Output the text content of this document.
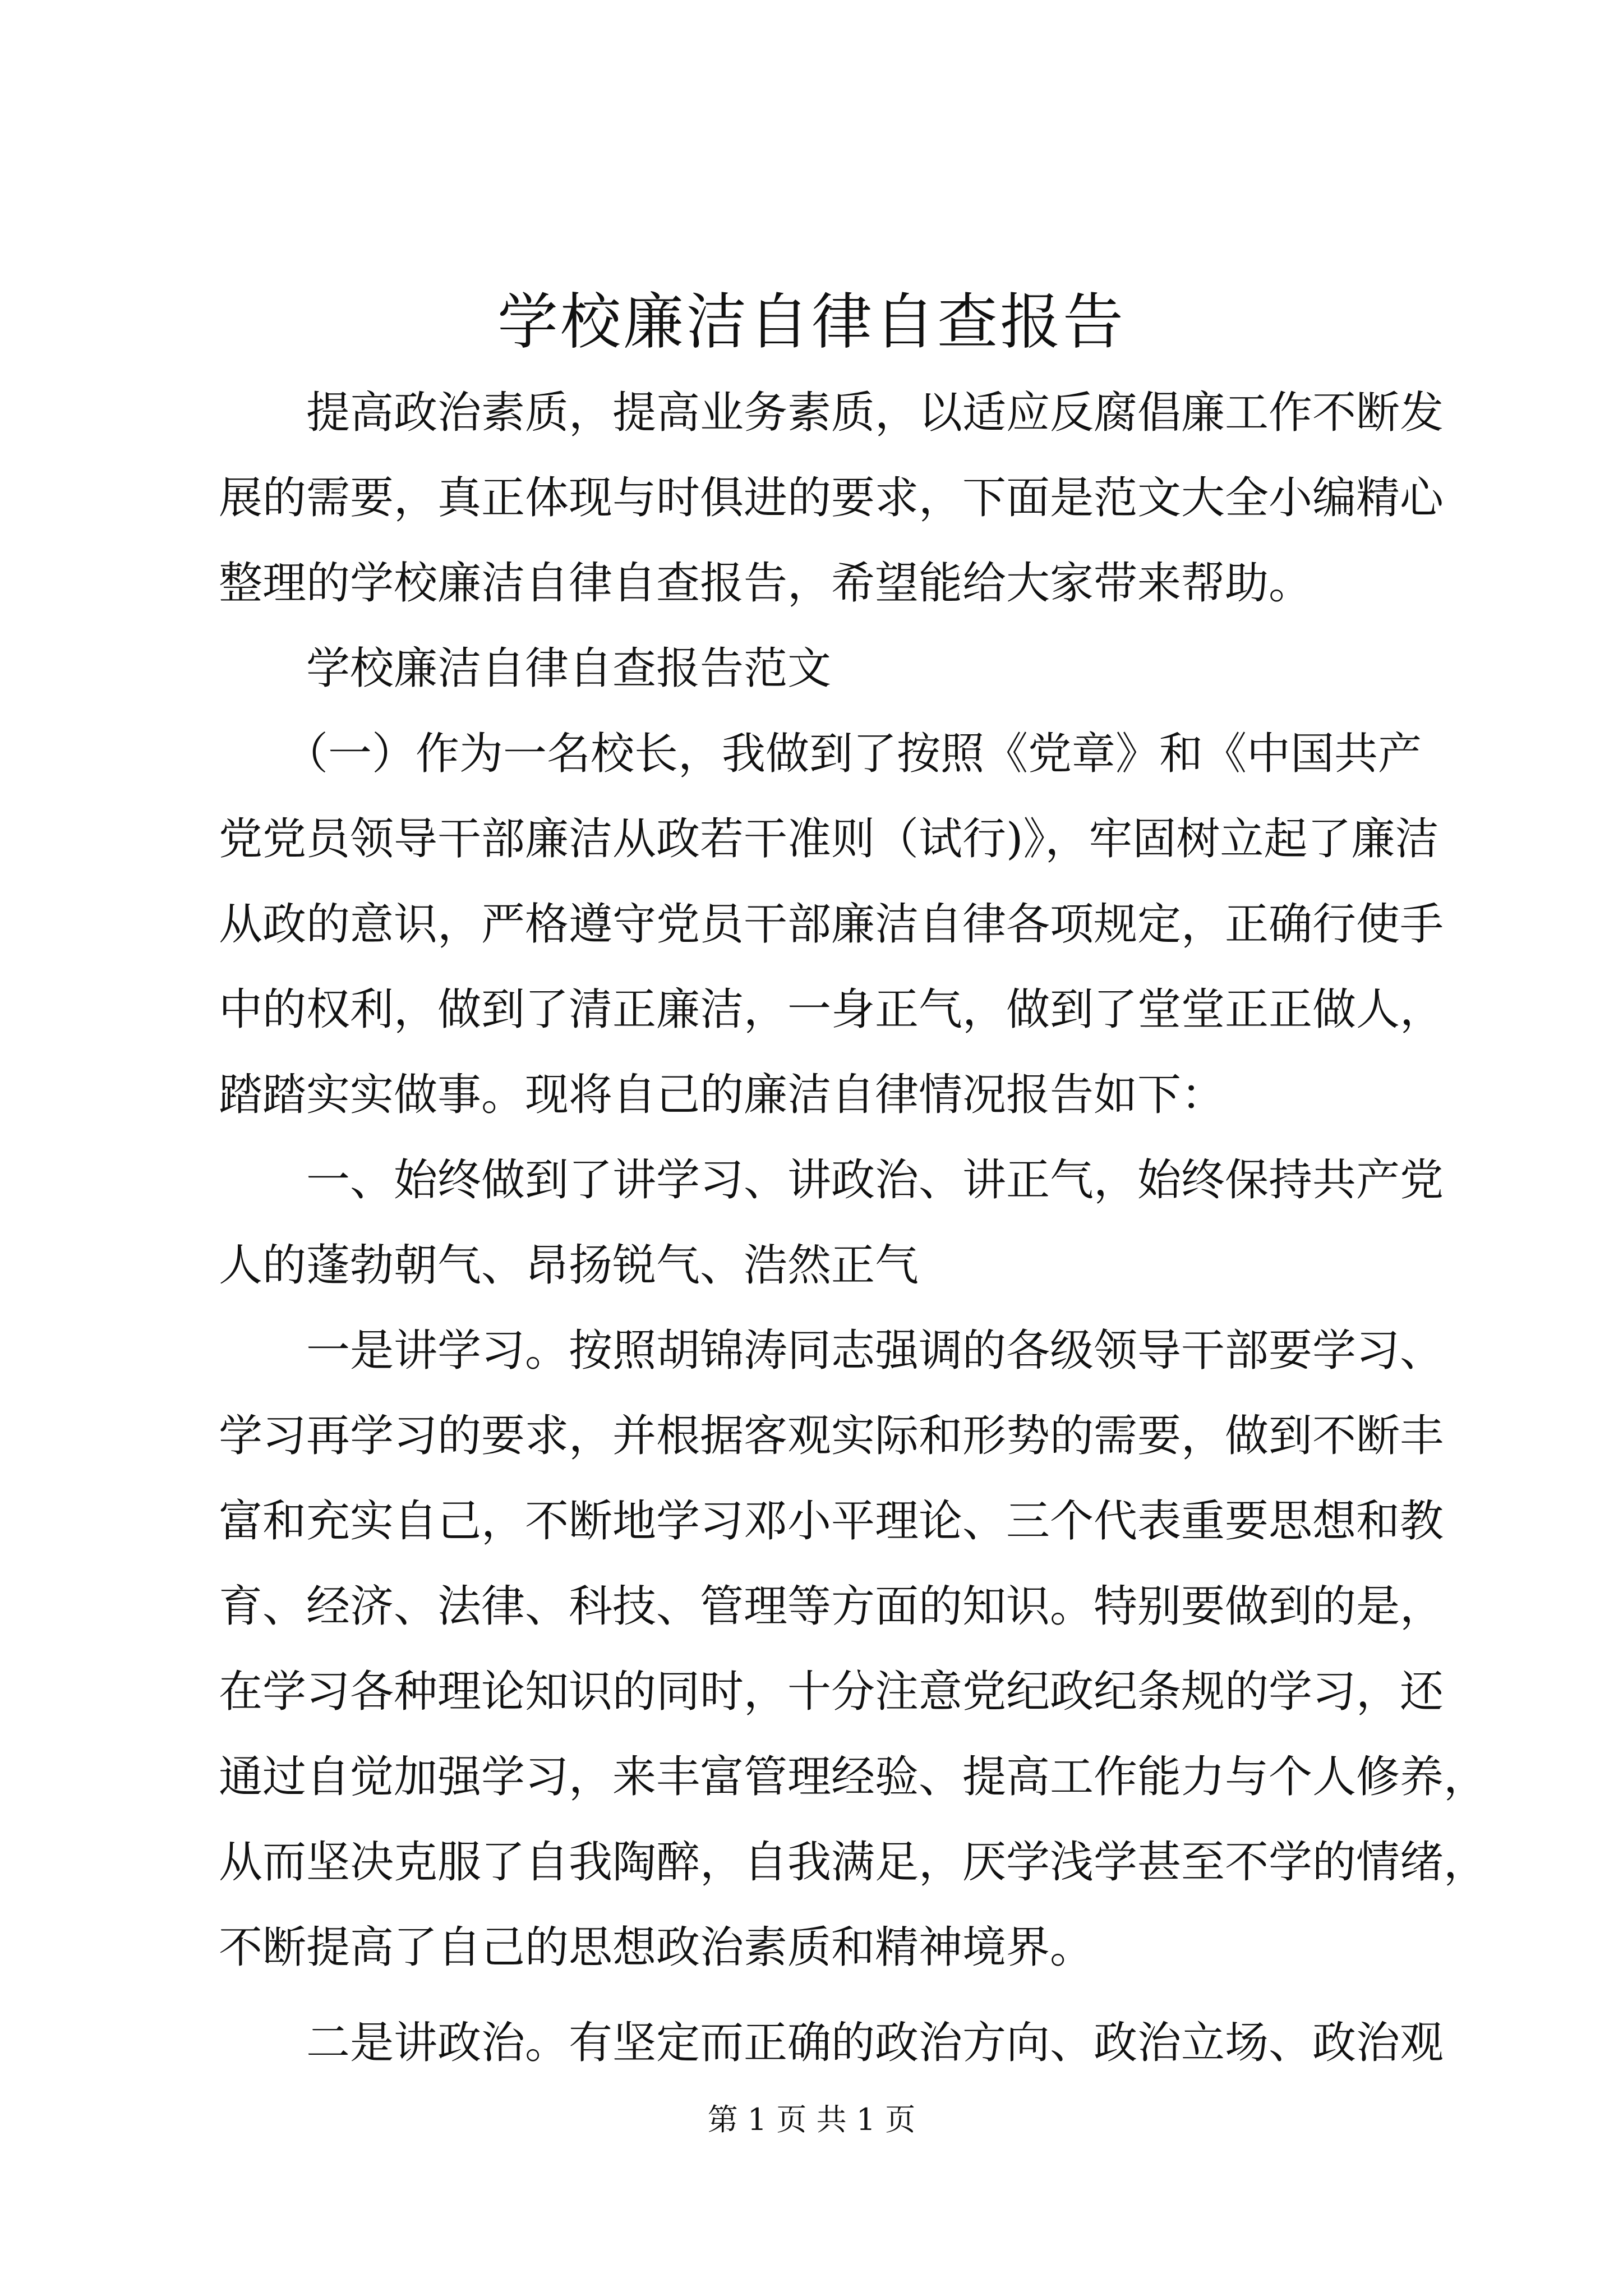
学校廉洁自律自查报告

　　提高政治素质，提高业务素质，以适应反腐倡廉工作不断发

展的需要，真正体现与时俱进的要求，下面是范文大全小编精心

整理的学校廉洁自律自查报告，希望能给大家带来帮助。

　　学校廉洁自律自查报告范文

　　（一）作为一名校长，我做到了按照《党章》和《中国共产

党党员领导干部廉洁从政若干准则（试行)》，牢固树立起了廉洁

从政的意识，严格遵守党员干部廉洁自律各项规定，正确行使手

中的权利，做到了清正廉洁，一身正气，做到了堂堂正正做人，

踏踏实实做事。现将自己的廉洁自律情况报告如下：

　　一、始终做到了讲学习、讲政治、讲正气，始终保持共产党

人的蓬勃朝气、昂扬锐气、浩然正气

　　一是讲学习。按照胡锦涛同志强调的各级领导干部要学习、

学习再学习的要求，并根据客观实际和形势的需要，做到不断丰

富和充实自己，不断地学习邓小平理论、三个代表重要思想和教

育、经济、法律、科技、管理等方面的知识。特别要做到的是，

在学习各种理论知识的同时，十分注意党纪政纪条规的学习，还

通过自觉加强学习，来丰富管理经验、提高工作能力与个人修养，

从而坚决克服了自我陶醉，自我满足，厌学浅学甚至不学的情绪，

不断提高了自己的思想政治素质和精神境界。

　　二是讲政治。有坚定而正确的政治方向、政治立场、政治观

第 1 页 共 1 页
